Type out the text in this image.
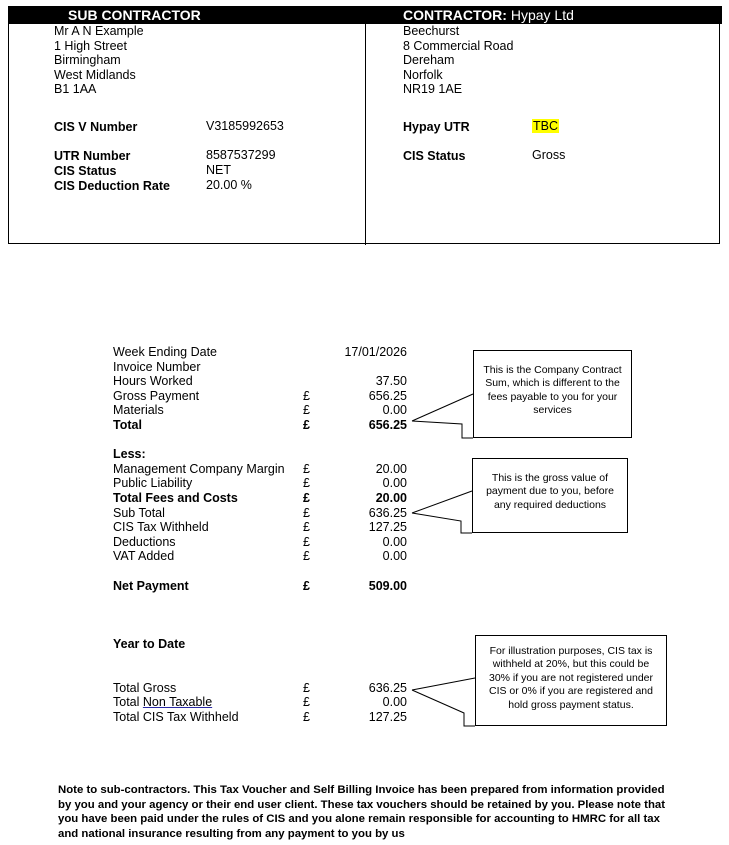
SUB CONTRACTOR	CONTRACTOR: Hypay Ltd
Mr A N Example
1 High Street
Birmingham
West Midlands
B1 1AA
CIS V Number	V3185992653
UTR Number	8587537299
CIS Status	NET
CIS Deduction Rate	20.00 %
Beechurst
8 Commercial Road
Dereham
Norfolk
NR19 1AE
Hypay UTR	TBC
CIS Status	Gross
Week Ending Date	17/01/2026
Invoice Number
Hours Worked	37.50
Gross Payment	£	656.25
Materials	£	0.00
Total	£	656.25
Less:
Management Company Margin £	20.00
Public Liability	£	0.00
Total Fees and Costs	£	20.00
Sub Total	£	636.25
CIS Tax Withheld	£	127.25
Deductions	£	0.00
VAT Added	£	0.00
Net Payment	£	509.00
Year to Date
Total Gross	£	636.25
Total Non Taxable	£	0.00
Total CIS Tax Withheld	£	127.25
This is the Company Contract Sum, which is different to the fees payable to you for your services
This is the gross value of payment due to you, before any required deductions
For illustration purposes, CIS tax is withheld at 20%, but this could be 30% if you are not registered under CIS or 0% if you are registered and hold gross payment status.
Note to sub-contractors. This Tax Voucher and Self Billing Invoice has been prepared from information provided by you and your agency or their end user client. These tax vouchers should be retained by you. Please note that you have been paid under the rules of CIS and you alone remain responsible for accounting to HMRC for all tax and national insurance resulting from any payment to you by us
